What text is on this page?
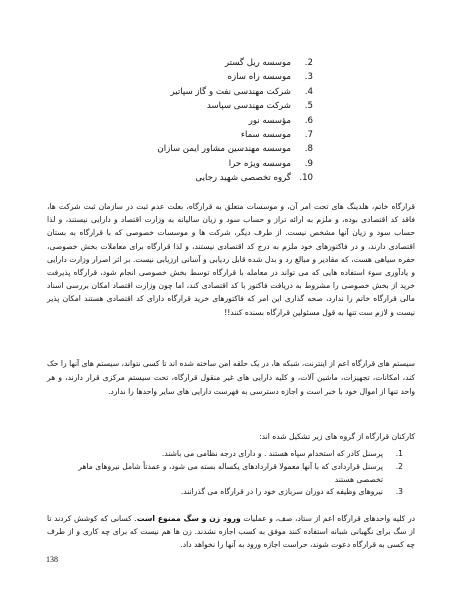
2.
موسسه ریل گستر
3.
موسسه راه سازه
4.
شرکت مهندسی نفت و گاز سپاتیر
5.
شرکت مهندسی سپاسد
6.
مؤسسه نور
7.
موسسه سماء
8.
موسسه مهندسین مشاور ایمن سازان
9.
موسسه ویژه حرا
10.
گروه تخصصی شهید رجایی

قرارگاه خاتم، هلدینگ های تحت امر آن، و موسسات متعلق به قرارگاه، بعلت عدم ثبت در سازمان ثبت شرکت ها، فاقد کد اقتصادی بوده، و ملزم به ارائه تراز و حساب سود و زیان سالیانه به وزارت اقتصاد و دارایی نیستند، و لذا حساب سود و زیان آنها مشخص نیست. از طرف دیگر، شرکت ها و موسسات خصوصی که با قرارگاه به بستان اقتصادی دارند، و در فاکتورهای خود ملزم به درج کد اقتصادی نیستند، و لذا قرارگاه برای معاملات بخش خصوصی، حفره سیاهی هست، که مقادیر و مبالغ رد و بدل شده قابل ردیابی و آسانی ارزیابی نیست. بر اثر اصرار وزارت دارایی و یادآوری سوء استفاده هایی که می تواند در معامله با قرارگاه توسط بخش خصوصی انجام شود، قرارگاه پذیرفت خرید از بخش خصوصی را مشروط به دریافت فاکتور با کد اقتصادی کند، اما چون وزارت اقتصاد امکان بررسی اسناد مالی قرارگاه خاتم را ندارد، صحه گذاری این امر که فاکتورهای خرید قرارگاه دارای کد اقتصادی هستند امکان پذیر نیست و لازم ست تنها به قول مسئولین قرارگاه بسنده کنند!!

سیستم های قرارگاه اعم از اینترنت، شبکه ها، در یک حلقه امن ساخته شده اند تا کسی نتواند، سیستم های آنها را حک کند، امکانات، تجهیزات، ماشین آلات، و کلیه دارایی های غیر منقول قرارگاه، تحت سیستم مرکزی قرار دارند، و هر واحد تنها از اموال خود با خبر است و اجازه دسترسی به فهرست دارایی های سایر واحدها را ندارد.

کارکنان قرارگاه از گروه های زیر تشکیل شده اند:

1.
پرسنل کادر که استخدام سپاه هستند . و دارای درجه نظامی می باشند.
2.
پرسنل قراردادی که با آنها معمولا قراردادهای یکساله بسته می شود، و عمدتاً شامل نیروهای ماهر تخصصی هستند
3.
نیروهای وظیفه که دوران سربازی خود را در قرارگاه می گذرانند.

در کلیه واحدهای قرارگاه اعم از ستاد، صف، و عملیات ورود زن و سگ ممنوع است. کسانی که کوشش کردند تا از سگ برای نگهبانی شبانه استفاده کنند موفق به کسب اجازه نشدند. زن ها هم نیست که برای چه کاری و از طرف چه کسی به قرارگاه دعوت شوند، حراست اجازه ورود به آنها را نخواهد داد.

138
